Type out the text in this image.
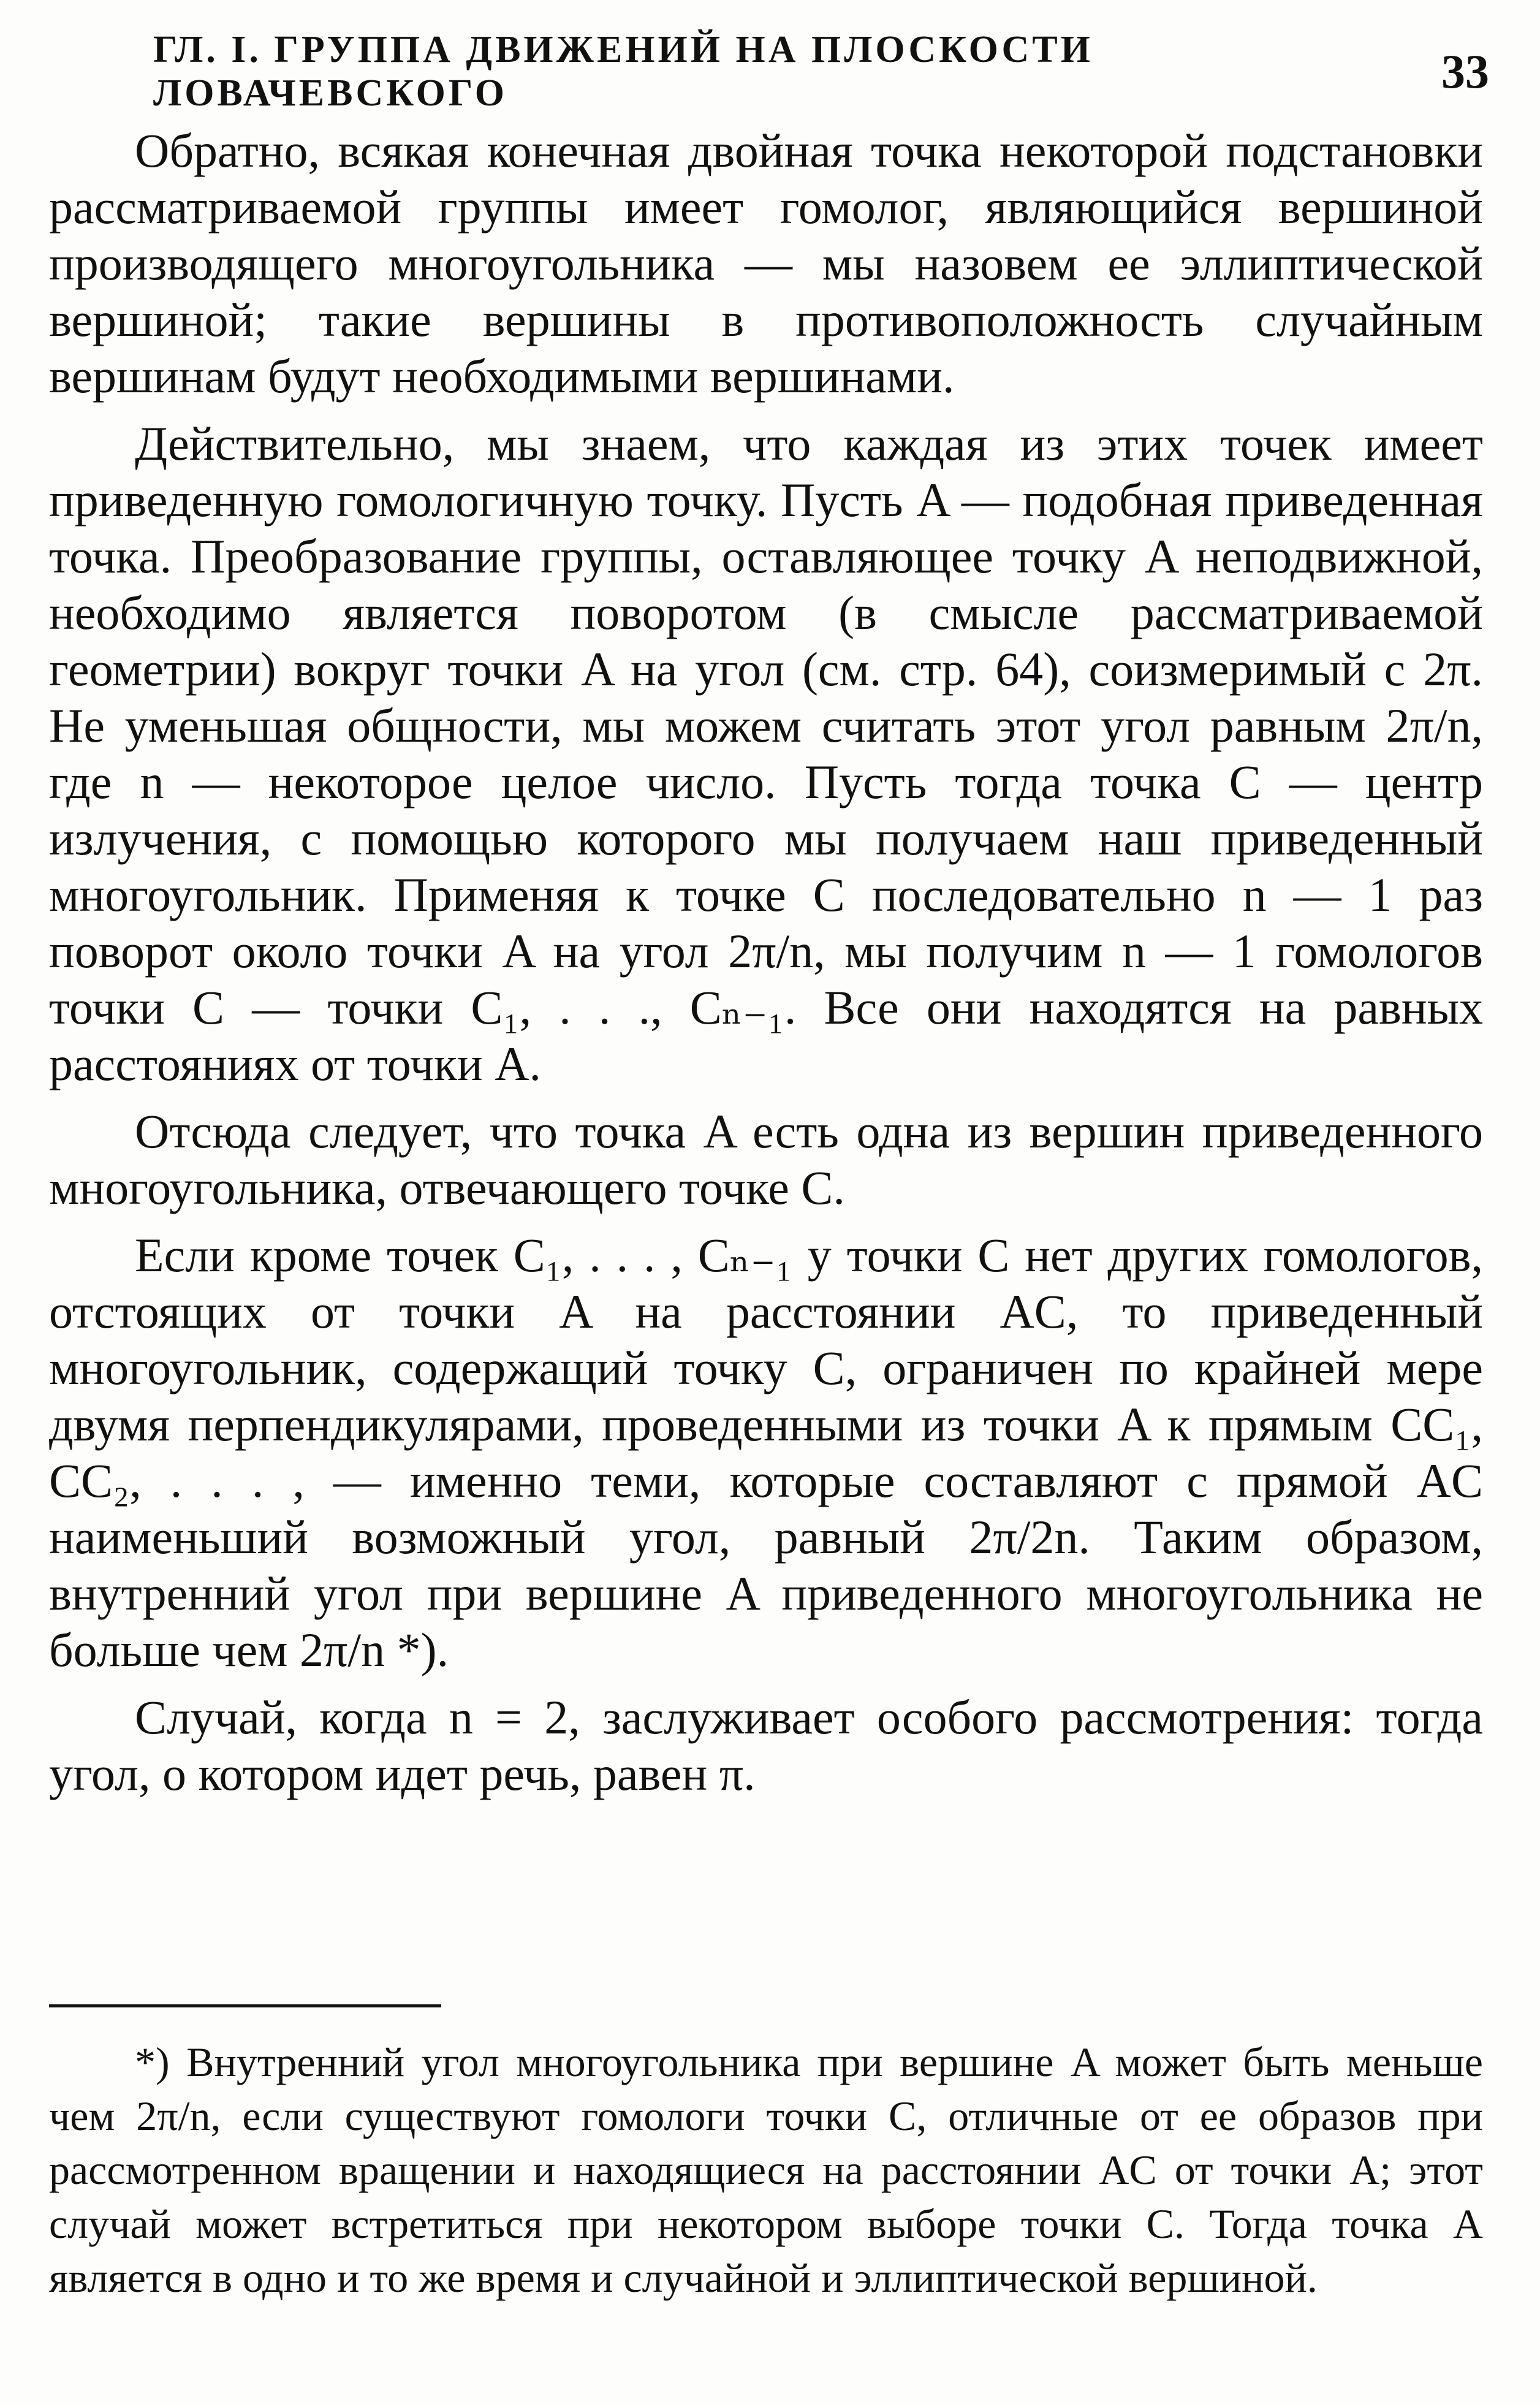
ГЛ. I. ГРУППА ДВИЖЕНИЙ НА ПЛОСКОСТИ ЛОВАЧЕВСКОГО	33

Обратно, всякая конечная двойная точка некоторой подстановки рассматриваемой группы имеет гомолог, являющийся вершиной производящего многоугольника — мы назовем ее эллиптической вершиной; такие вершины в противоположность случайным вершинам будут необходимыми вершинами.

Действительно, мы знаем, что каждая из этих точек имеет приведенную гомологичную точку. Пусть A — подобная приведенная точка. Преобразование группы, оставляющее точку A неподвижной, необходимо является поворотом (в смысле рассматриваемой геометрии) вокруг точки A на угол (см. стр. 64), соизмеримый с 2π. Не уменьшая общности, мы можем считать этот угол равным 2π/n, где n — некоторое целое число. Пусть тогда точка C — центр излучения, с помощью которого мы получаем наш приведенный многоугольник. Применяя к точке C последовательно n — 1 раз поворот около точки A на угол 2π/n, мы получим n — 1 гомологов точки C — точки C₁, . . ., Cₙ₋₁. Все они находятся на равных расстояниях от точки A.

Отсюда следует, что точка A есть одна из вершин приведенного многоугольника, отвечающего точке C.

Если кроме точек C₁, . . . , Cₙ₋₁ у точки C нет других гомологов, отстоящих от точки A на расстоянии AC, то приведенный многоугольник, содержащий точку C, ограничен по крайней мере двумя перпендикулярами, проведенными из точки A к прямым CC₁, CC₂, . . . , — именно теми, которые составляют с прямой AC наименьший возможный угол, равный 2π/2n. Таким образом, внутренний угол при вершине A приведенного многоугольника не больше чем 2π/n *).

Случай, когда n = 2, заслуживает особого рассмотрения: тогда угол, о котором идет речь, равен π.

*) Внутренний угол многоугольника при вершине A может быть меньше чем 2π/n, если существуют гомологи точки C, отличные от ее образов при рассмотренном вращении и находящиеся на расстоянии AC от точки A; этот случай может встретиться при некотором выборе точки C. Тогда точка A является в одно и то же время и случайной и эллиптической вершиной.
